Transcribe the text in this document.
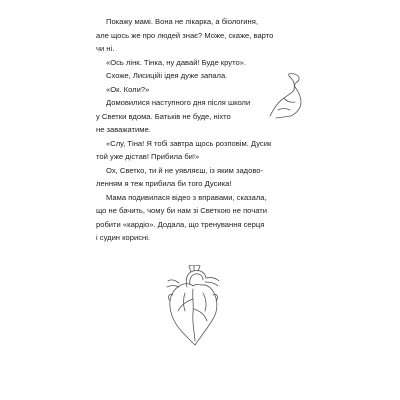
Покажу мамі. Вона не лікарка, а біологиня,
але щось же про людей знає? Може, скаже, варто
чи ні.

«Ось лінк. Тінка, ну давай! Буде круто».

Схоже, Лисиційі ідея дуже запала.

«Ок. Коли?»

Домовилися наступного дня після школи
у Светки вдома. Батьків не буде, ніхто
не заважатиме.

«Слу, Тіна! Я тобі завтра щось розповім. Дусик
той уже дістав! Прибила би!»

Ох, Светко, ти й не уявляєш, із яким задово-
ленням я теж прибила би того Дусика!

Мама подивилася відео з вправами, сказала,
що не бачить, чому би нам зі Светкою не почати
робити «кардіо». Додала, що тренування серця
і судин корисні.
